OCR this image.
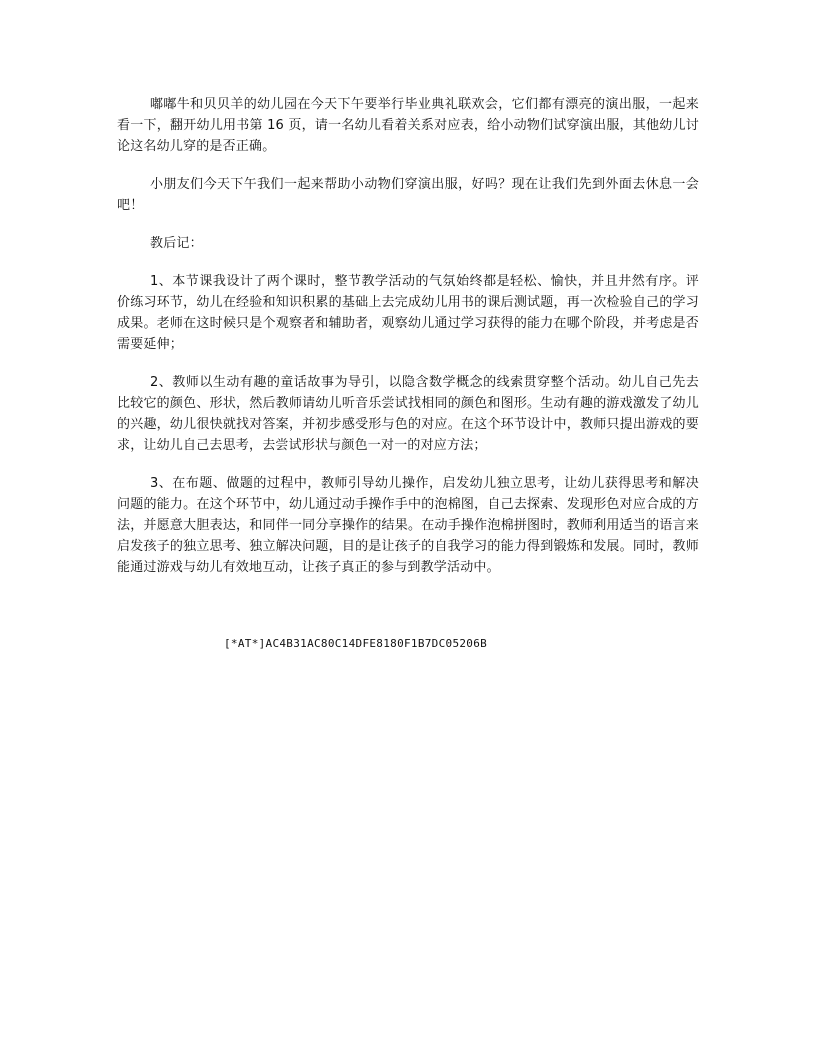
嘟嘟牛和贝贝羊的幼儿园在今天下午要举行毕业典礼联欢会，它们都有漂亮的演出服，一起来看一下，翻开幼儿用书第 16 页，请一名幼儿看着关系对应表，给小动物们试穿演出服，其他幼儿讨论这名幼儿穿的是否正确。

小朋友们今天下午我们一起来帮助小动物们穿演出服，好吗？现在让我们先到外面去休息一会吧！

教后记：

1、本节课我设计了两个课时，整节教学活动的气氛始终都是轻松、愉快，并且井然有序。评价练习环节，幼儿在经验和知识积累的基础上去完成幼儿用书的课后测试题，再一次检验自己的学习成果。老师在这时候只是个观察者和辅助者，观察幼儿通过学习获得的能力在哪个阶段，并考虑是否需要延伸；

2、教师以生动有趣的童话故事为导引，以隐含数学概念的线索贯穿整个活动。幼儿自己先去比较它的颜色、形状，然后教师请幼儿听音乐尝试找相同的颜色和图形。生动有趣的游戏激发了幼儿的兴趣，幼儿很快就找对答案，并初步感受形与色的对应。在这个环节设计中，教师只提出游戏的要求，让幼儿自己去思考，去尝试形状与颜色一对一的对应方法；

3、在布题、做题的过程中，教师引导幼儿操作，启发幼儿独立思考，让幼儿获得思考和解决问题的能力。在这个环节中，幼儿通过动手操作手中的泡棉图，自己去探索、发现形色对应合成的方法，并愿意大胆表达，和同伴一同分享操作的结果。在动手操作泡棉拼图时，教师利用适当的语言来启发孩子的独立思考、独立解决问题，目的是让孩子的自我学习的能力得到锻炼和发展。同时，教师能通过游戏与幼儿有效地互动，让孩子真正的参与到教学活动中。

[*AT*]AC4B31AC80C14DFE8180F1B7DC05206B
